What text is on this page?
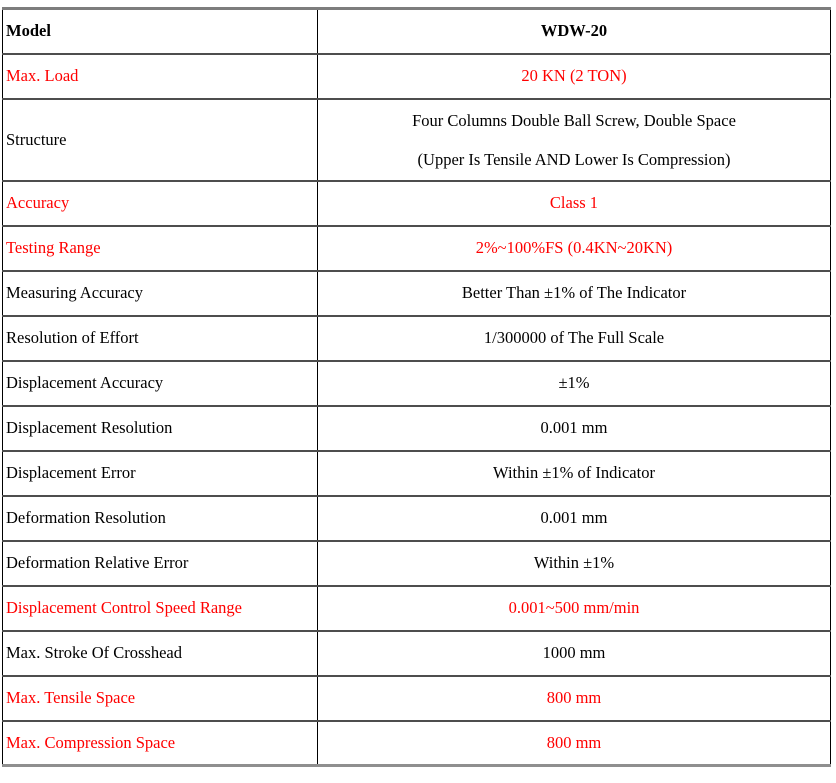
Model	WDW-20
Max. Load	20 KN (2 TON)
Structure	Four Columns Double Ball Screw, Double Space
(Upper Is Tensile AND Lower Is Compression)

Accuracy	Class 1
Testing Range	2%~100%FS (0.4KN~20KN)
Measuring Accuracy	Better Than ±1% of The Indicator
Resolution of Effort	1/300000 of The Full Scale
Displacement Accuracy	±1%
Displacement Resolution	0.001 mm
Displacement Error	Within ±1% of Indicator
Deformation Resolution	0.001 mm
Deformation Relative Error	Within ±1%
Displacement Control Speed Range	0.001~500 mm/min
Max. Stroke Of Crosshead	1000 mm
Max. Tensile Space	800 mm
Max. Compression Space	800 mm
